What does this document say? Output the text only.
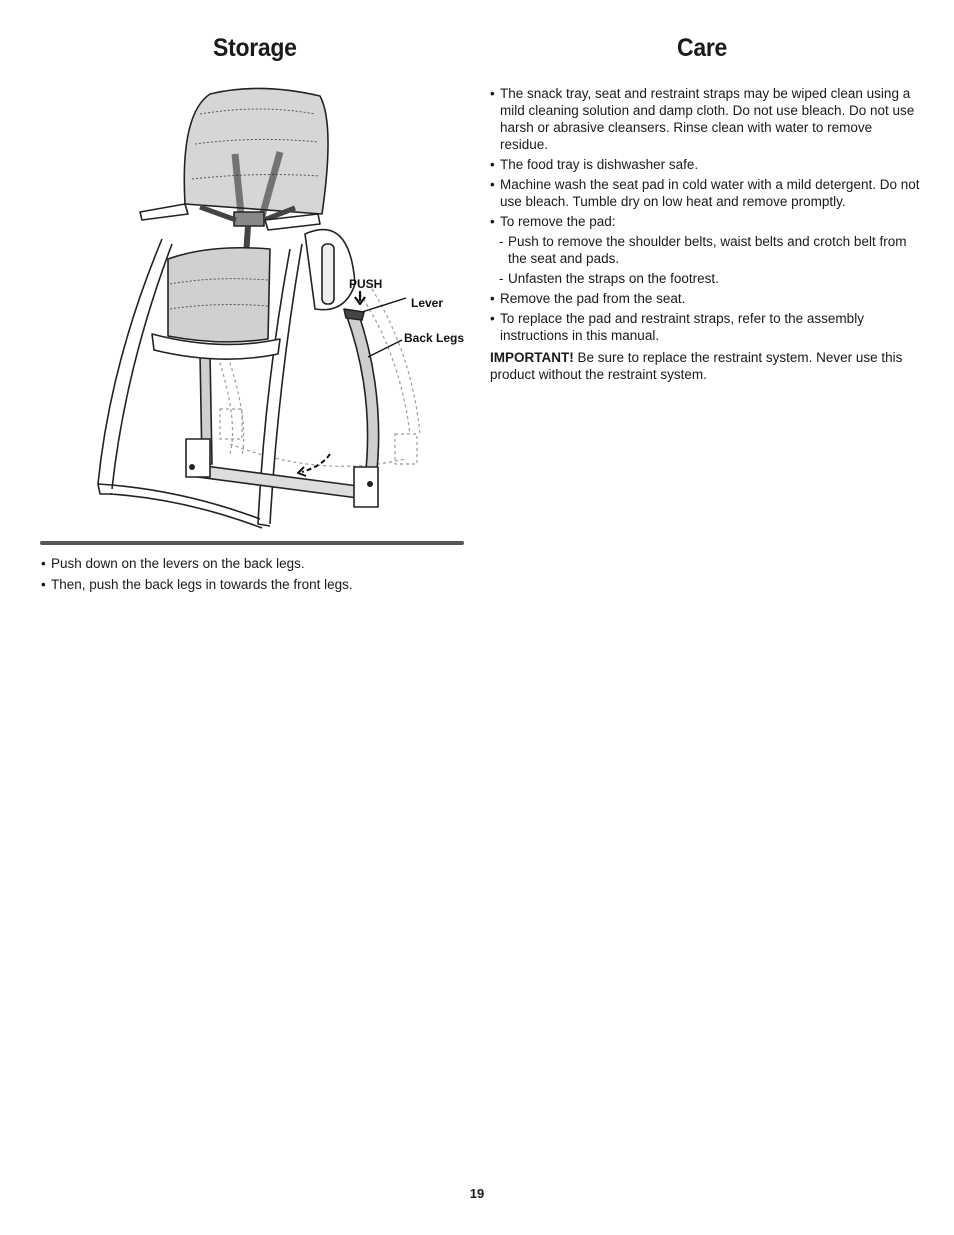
Storage	Care
PUSH
Lever
Back Legs
• Push down on the levers on the back legs.
• Then, push the back legs in towards the front legs.
• The snack tray, seat and restraint straps may be wiped clean using a mild cleaning solution and damp cloth. Do not use bleach. Do not use harsh or abrasive cleansers. Rinse clean with water to remove residue.
• The food tray is dishwasher safe.
• Machine wash the seat pad in cold water with a mild detergent. Do not use bleach. Tumble dry on low heat and remove promptly.
• To remove the pad:
- Push to remove the shoulder belts, waist belts and crotch belt from the seat and pads.
- Unfasten the straps on the footrest.
• Remove the pad from the seat.
• To replace the pad and restraint straps, refer to the assembly instructions in this manual.

IMPORTANT! Be sure to replace the restraint system. Never use this product without the restraint system.

19
